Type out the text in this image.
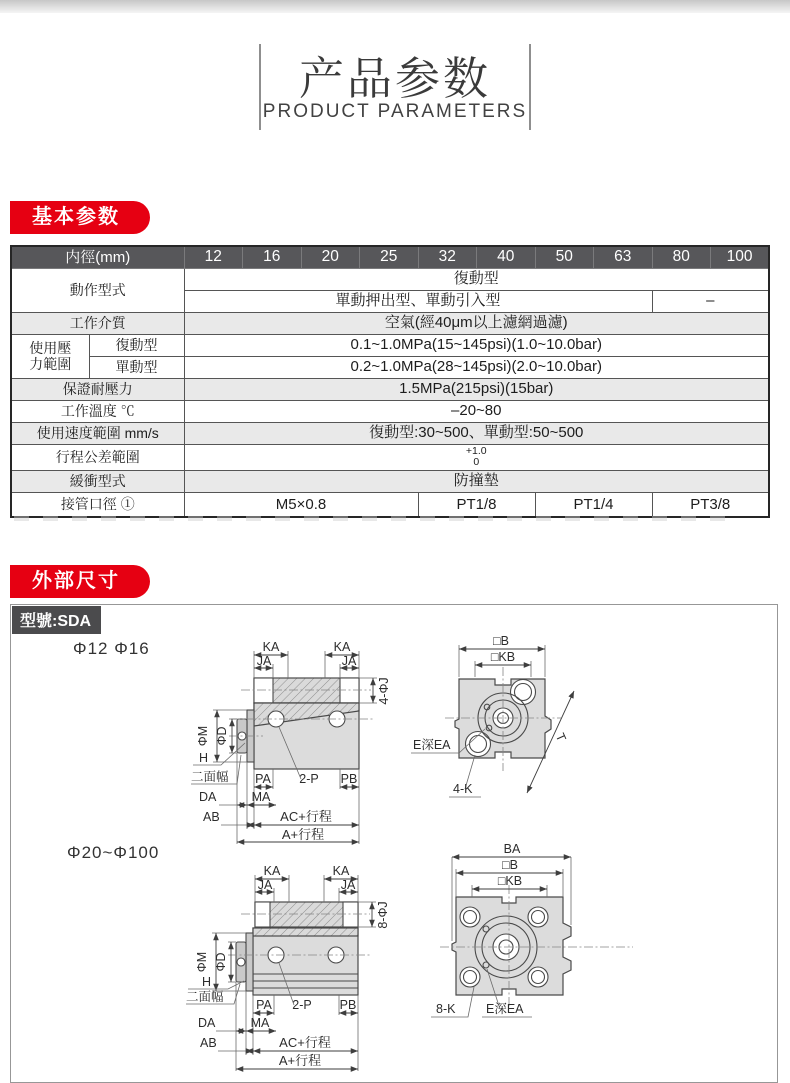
产品参数
PRODUCT PARAMETERS
基本参数
内徑(mm)		12	16	20	25	32	40	50	63	80	100
動作型式		復動型									
		單動押出型、單動引入型								–	
工作介質		空氣(經40μm以上濾網過濾)									

使用壓
力範圍	復動型	0.1~1.0MPa(15~145psi)(1.0~10.0bar)									
	單動型	0.2~1.0MPa(28~145psi)(2.0~10.0bar)									
保證耐壓力		1.5MPa(215psi)(15bar)									
工作溫度 ℃		–20~80									
使用速度範圍 mm/s		復動型:30~500、單動型:50~500									
行程公差範圍		+1.0
0									

緩衝型式		防撞墊									
接管口徑 ①		M5×0.8				PT1/8		PT1/4		PT3/8	
外部尺寸
型號:SDA
Φ12 Φ16
Φ20~Φ100
KA
JA
KA
JA
4-ΦJ
ΦM ΦD
H
二面幅 PA 2-P PB
DA	MA
AB	AC+行程
A+行程
□B
□KB
E深EA
4-K
T
KA
JA
KA
JA
8-ΦJ
ΦM ΦD
H
二面幅
PA 2-P PB
DA	MA
AB	AC+行程
A+行程
BA
□B
□KB
8-K E深EA
